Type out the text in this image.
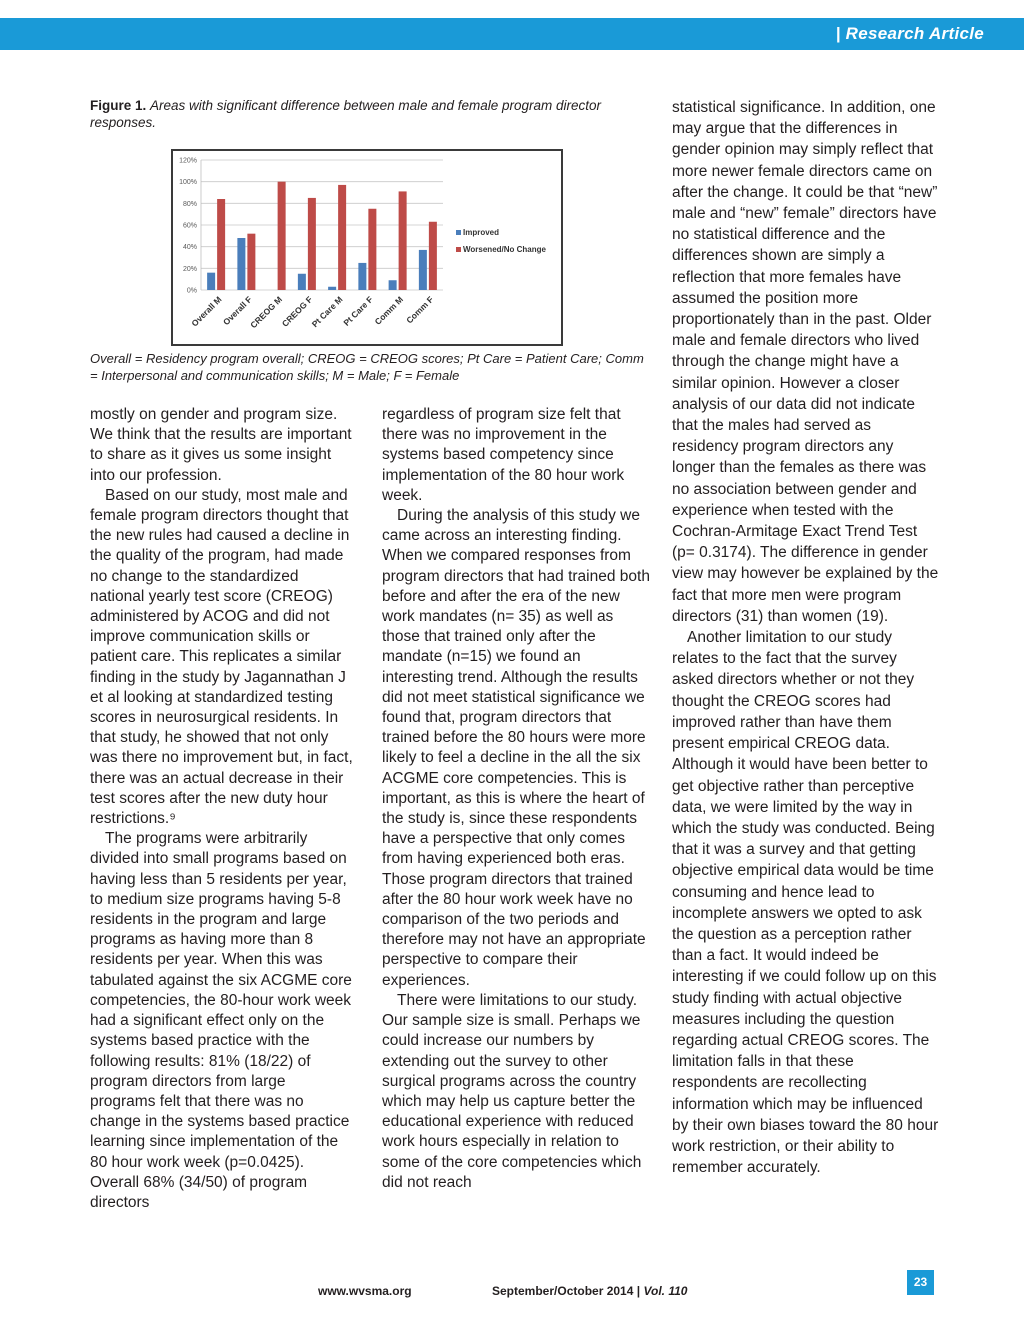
| Research Article
Figure 1. Areas with significant difference between male and female program director responses.
0%
20%
40%
60%
80%
100%
120%
Overall M
Overall F
CREOG M
CREOG F
Pt Care M
Pt Care F
Comm M Comm F
Improved
Worsened/No Change
Overall = Residency program overall; CREOG = CREOG scores; Pt Care = Patient Care; Comm = Interpersonal and communication skills; M = Male; F = Female

mostly on gender and program size. We think that the results are important to share as it gives us some insight into our profession.

Based on our study, most male and female program directors thought that the new rules had caused a decline in the quality of the program, had made no change to the standardized national yearly test score (CREOG) administered by ACOG and did not improve communication skills or patient care. This replicates a similar finding in the study by Jagannathan J et al looking at standardized testing scores in neurosurgical residents. In that study, he showed that not only was there no improvement but, in fact, there was an actual decrease in their test scores after the new duty hour restrictions.⁹

The programs were arbitrarily divided into small programs based on having less than 5 residents per year, to medium size programs having 5-8 residents in the program and large programs as having more than 8 residents per year. When this was tabulated against the six ACGME core competencies, the 80-hour work week had a significant effect only on the systems based practice with the following results: 81% (18/22) of program directors from large programs felt that there was no change in the systems based practice learning since implementation of the 80 hour work week (p=0.0425). Overall 68% (34/50) of program directors

regardless of program size felt that there was no improvement in the systems based competency since implementation of the 80 hour work week.

During the analysis of this study we came across an interesting finding. When we compared responses from program directors that had trained both before and after the era of the new work mandates (n= 35) as well as those that trained only after the mandate (n=15) we found an interesting trend. Although the results did not meet statistical significance we found that, program directors that trained before the 80 hours were more likely to feel a decline in the all the six ACGME core competencies. This is important, as this is where the heart of the study is, since these respondents have a perspective that only comes from having experienced both eras. Those program directors that trained after the 80 hour work week have no comparison of the two periods and therefore may not have an appropriate perspective to compare their experiences.

There were limitations to our study. Our sample size is small. Perhaps we could increase our numbers by extending out the survey to other surgical programs across the country which may help us capture better the educational experience with reduced work hours especially in relation to some of the core competencies which did not reach

statistical significance. In addition, one may argue that the differences in gender opinion may simply reflect that more newer female directors came on after the change. It could be that “new” male and “new” female” directors have no statistical difference and the differences shown are simply a reflection that more females have assumed the position more proportionately than in the past. Older male and female directors who lived through the change might have a similar opinion. However a closer analysis of our data did not indicate that the males had served as residency program directors any longer than the females as there was no association between gender and experience when tested with the Cochran-Armitage Exact Trend Test (p= 0.3174). The difference in gender view may however be explained by the fact that more men were program directors (31) than women (19).

Another limitation to our study relates to the fact that the survey asked directors whether or not they thought the CREOG scores had improved rather than have them present empirical CREOG data. Although it would have been better to get objective rather than perceptive data, we were limited by the way in which the study was conducted. Being that it was a survey and that getting objective empirical data would be time consuming and hence lead to incomplete answers we opted to ask the question as a perception rather than a fact. It would indeed be interesting if we could follow up on this study finding with actual objective measures including the question regarding actual CREOG scores. The limitation falls in that these respondents are recollecting information which may be influenced by their own biases toward the 80 hour work restriction, or their ability to remember accurately.

www.wvsma.org	September/October 2014 | Vol. 110
23
